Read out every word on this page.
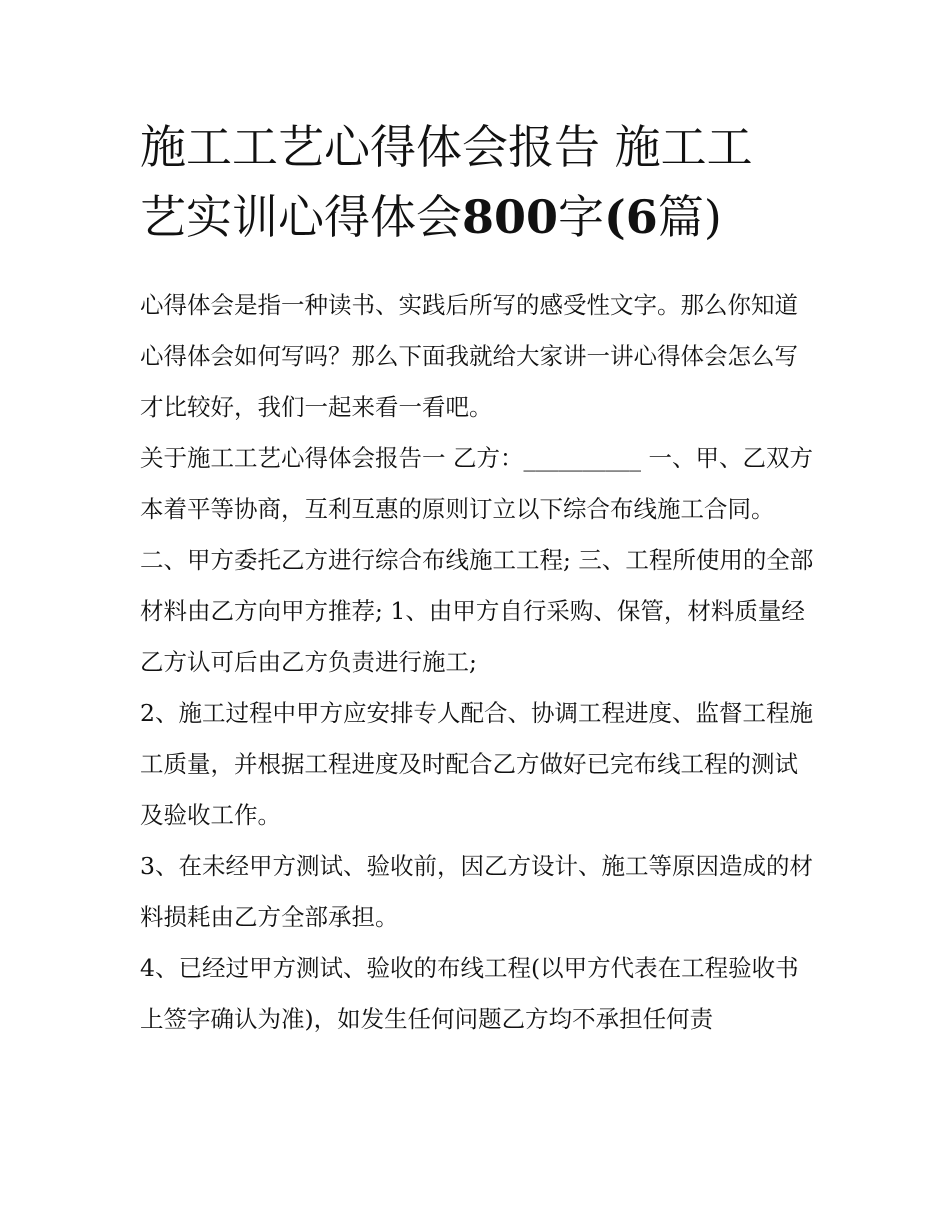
施工工艺心得体会报告 施工工
艺实训心得体会800字(6篇)

心得体会是指一种读书、实践后所写的感受性文字。那么你知道心得体会如何写吗？那么下面我就给大家讲一讲心得体会怎么写才比较好，我们一起来看一看吧。

关于施工工艺心得体会报告一 乙方：__________ 一、甲、乙双方本着平等协商，互利互惠的原则订立以下综合布线施工合同。

二、甲方委托乙方进行综合布线施工工程; 三、工程所使用的全部材料由乙方向甲方推荐; 1、由甲方自行采购、保管，材料质量经乙方认可后由乙方负责进行施工;

2、施工过程中甲方应安排专人配合、协调工程进度、监督工程施工质量，并根据工程进度及时配合乙方做好已完布线工程的测试及验收工作。

3、在未经甲方测试、验收前，因乙方设计、施工等原因造成的材料损耗由乙方全部承担。

4、已经过甲方测试、验收的布线工程(以甲方代表在工程验收书上签字确认为准)，如发生任何问题乙方均不承担任何责
